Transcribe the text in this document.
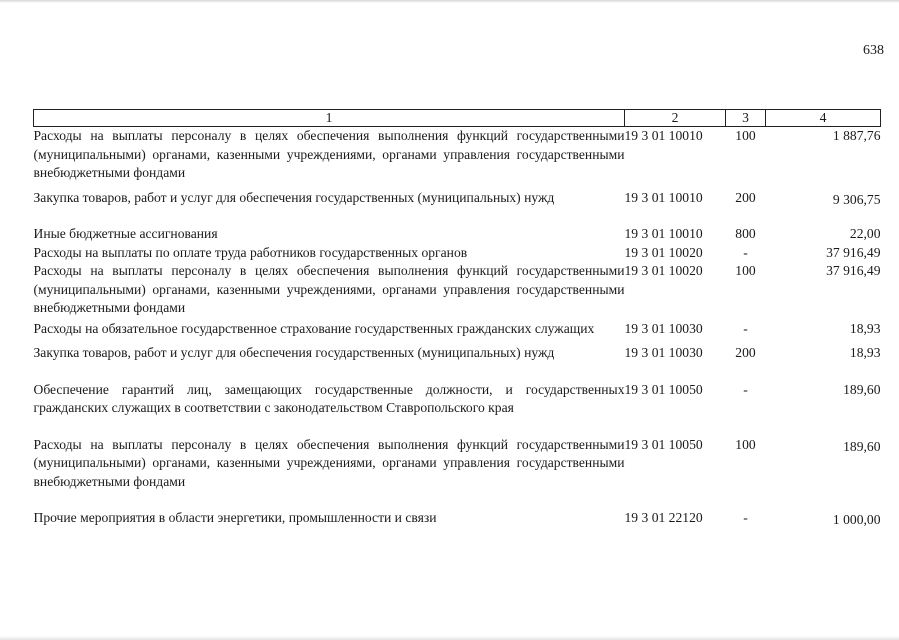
638
1	2	3	4
Расходы на выплаты персоналу в целях обеспечения выполнения функций государственными (муниципальными) органами, казенными учреждениями, органами управления государственными внебюджетными фондами	19 3 01 10010	100	1 887,76
Закупка товаров, работ и услуг для обеспечения государственных (муниципальных) нужд	19 3 01 10010	200	9 306,75
Иные бюджетные ассигнования	19 3 01 10010	800	22,00
Расходы на выплаты по оплате труда работников государственных органов	19 3 01 10020	-	37 916,49
Расходы на выплаты персоналу в целях обеспечения выполнения функций государственными (муниципальными) органами, казенными учреждениями, органами управления государственными внебюджетными фондами	19 3 01 10020	100	37 916,49
Расходы на обязательное государственное страхование государственных гражданских служащих	19 3 01 10030	-	18,93
Закупка товаров, работ и услуг для обеспечения государственных (муниципальных) нужд	19 3 01 10030	200	18,93
Обеспечение гарантий лиц, замещающих государственные должности, и государственных гражданских служащих в соответствии с законодательством Ставропольского края	19 3 01 10050	-	189,60
Расходы на выплаты персоналу в целях обеспечения выполнения функций государственными (муниципальными) органами, казенными учреждениями, органами управления государственными внебюджетными фондами	19 3 01 10050	100	189,60
Прочие мероприятия в области энергетики, промышленности и связи	19 3 01 22120	-	1 000,00
